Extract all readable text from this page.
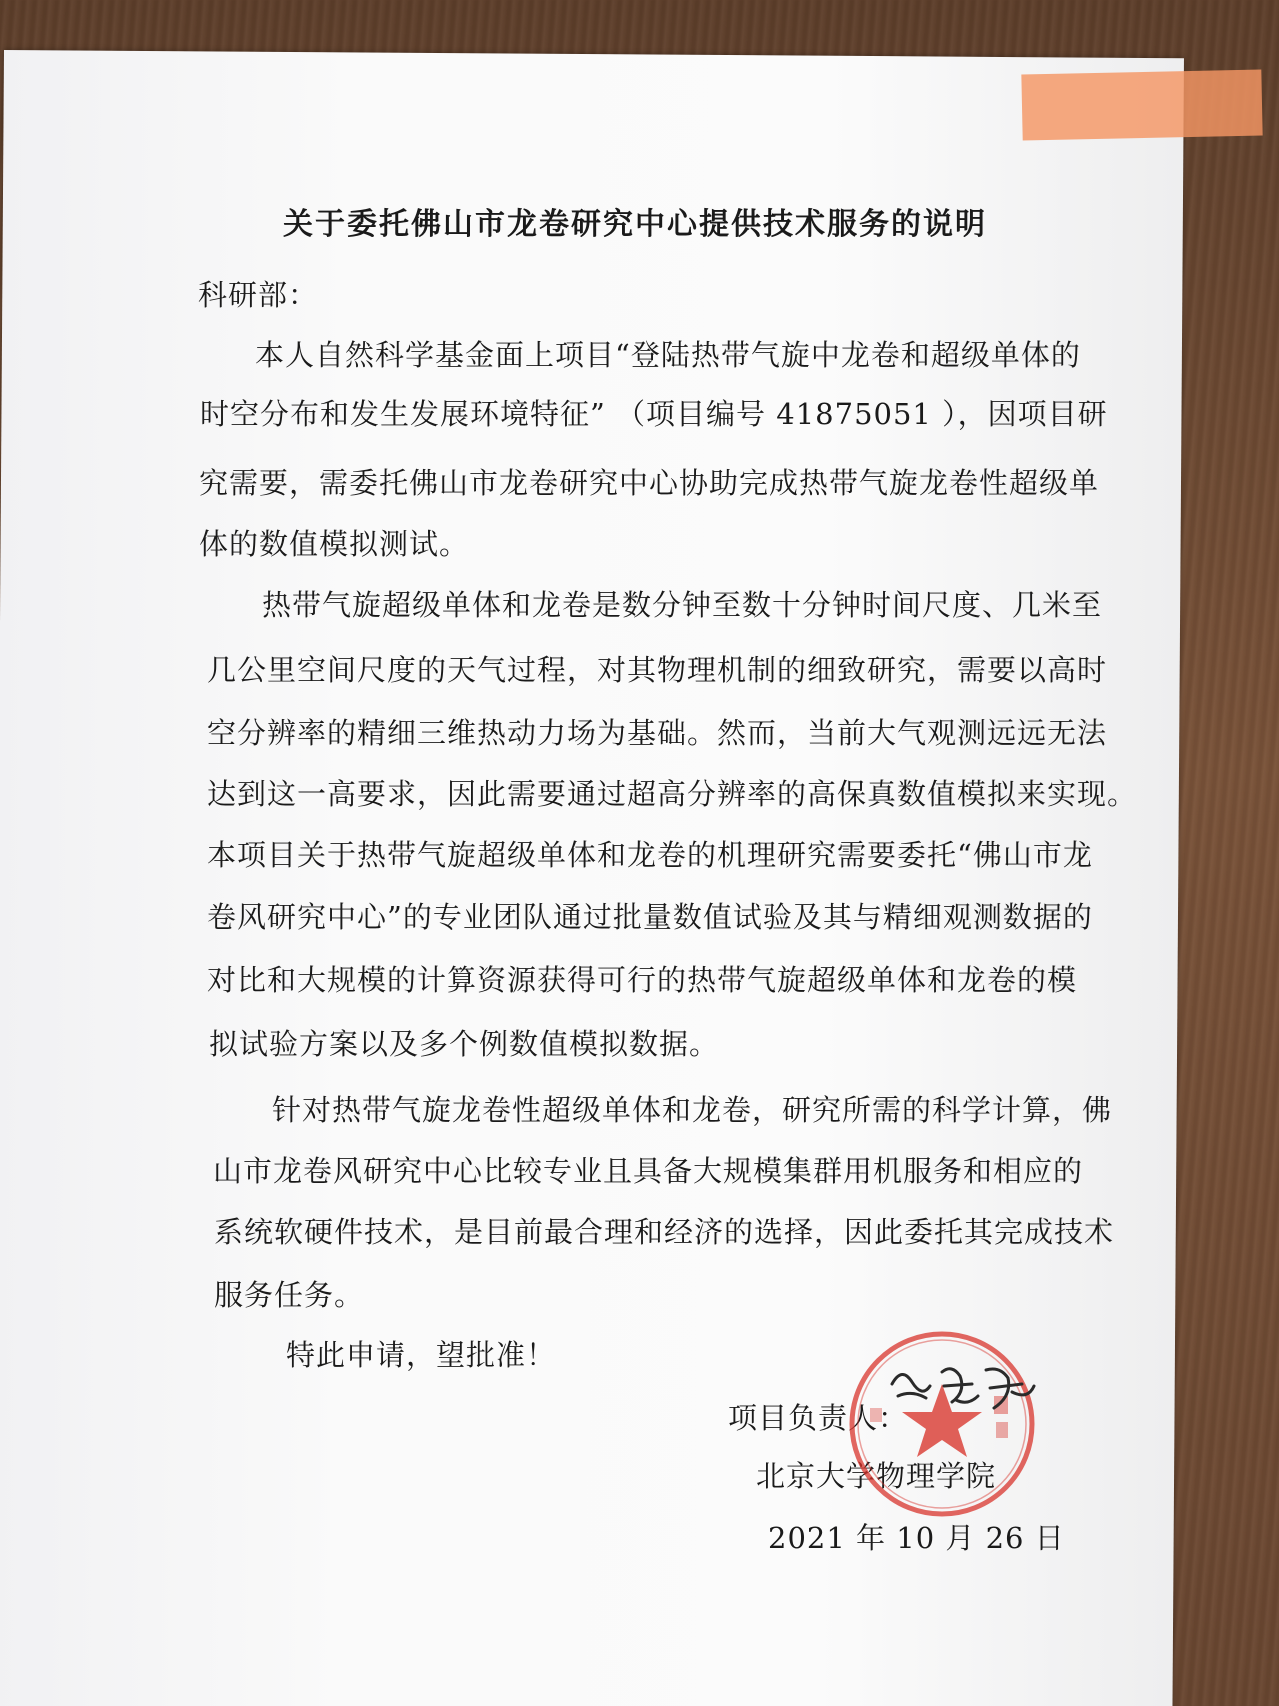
关于委托佛山市龙卷研究中心提供技术服务的说明
科研部：
本人自然科学基金面上项目“登陆热带气旋中龙卷和超级单体的
时空分布和发生发展环境特征” （项目编号 41875051 ），因项目研
究需要，需委托佛山市龙卷研究中心协助完成热带气旋龙卷性超级单
体的数值模拟测试。
热带气旋超级单体和龙卷是数分钟至数十分钟时间尺度、几米至
几公里空间尺度的天气过程，对其物理机制的细致研究，需要以高时
空分辨率的精细三维热动力场为基础。然而，当前大气观测远远无法
达到这一高要求，因此需要通过超高分辨率的高保真数值模拟来实现。
本项目关于热带气旋超级单体和龙卷的机理研究需要委托“佛山市龙
卷风研究中心”的专业团队通过批量数值试验及其与精细观测数据的
对比和大规模的计算资源获得可行的热带气旋超级单体和龙卷的模
拟试验方案以及多个例数值模拟数据。
针对热带气旋龙卷性超级单体和龙卷，研究所需的科学计算，佛
山市龙卷风研究中心比较专业且具备大规模集群用机服务和相应的
系统软硬件技术，是目前最合理和经济的选择，因此委托其完成技术
服务任务。
特此申请，望批准！
项目负责人：
北京大学物理学院
2021 年 10 月 26 日
